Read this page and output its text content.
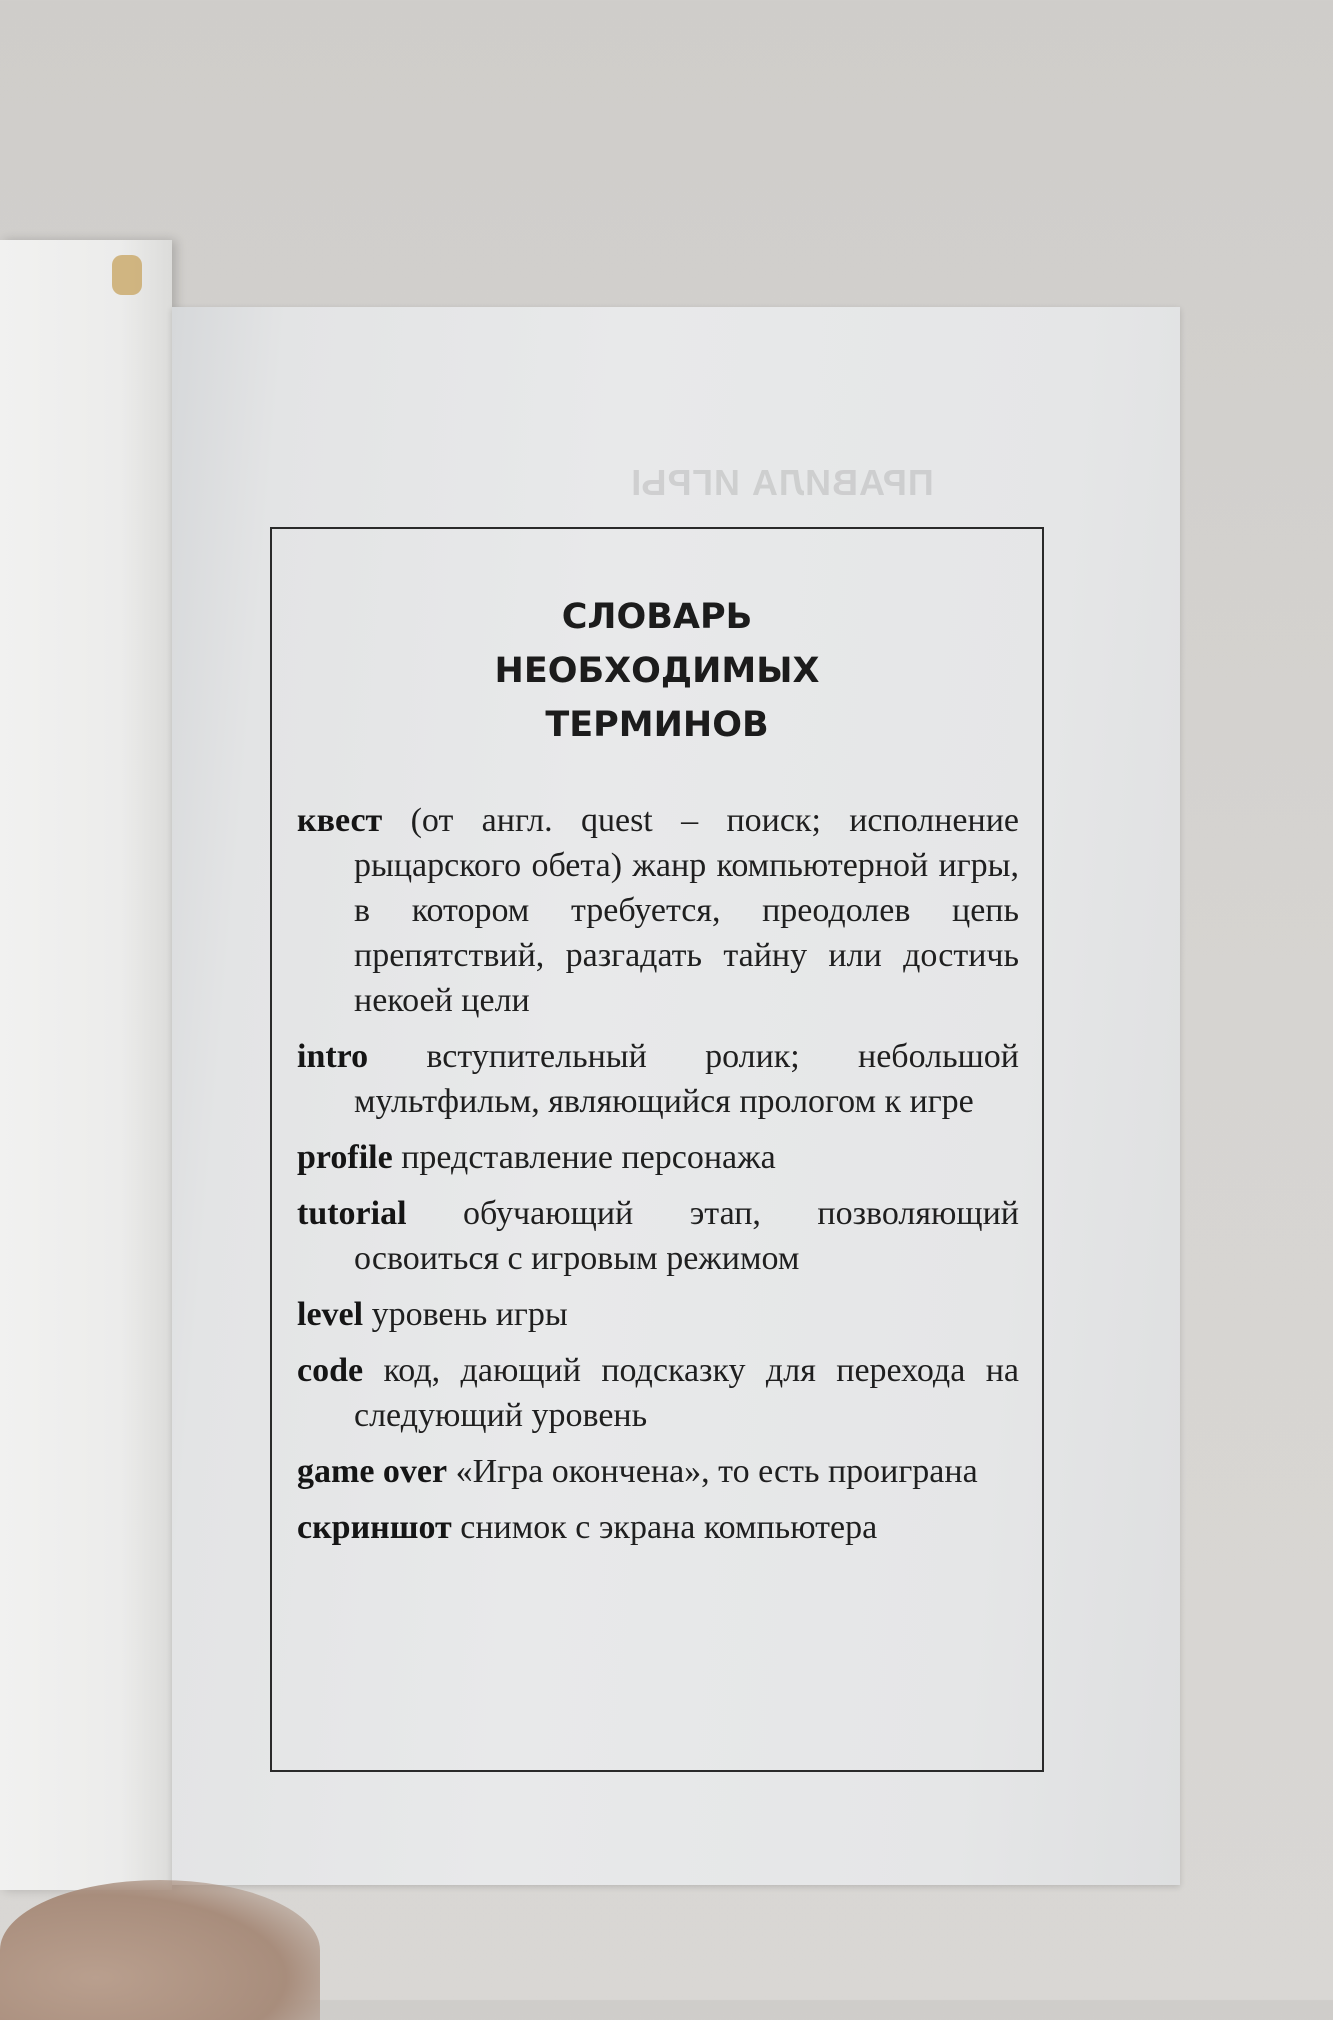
ПРАВИЛА ИГРЫ
СЛОВАРЬ
НЕОБХОДИМЫХ
ТЕРМИНОВ
квест (от англ. quest – поиск; исполнение рыцарского обета) жанр компьютерной игры, в котором требуется, преодолев цепь препятствий, разгадать тайну или достичь некоей цели
intro вступительный ролик; небольшой мультфильм, являющийся прологом к игре
profile представление персонажа
tutorial обучающий этап, позволяющий освоиться с игровым режимом
level уровень игры
code код, дающий подсказку для перехода на следующий уровень
game over «Игра окончена», то есть проиграна
скриншот снимок с экрана компьютера
